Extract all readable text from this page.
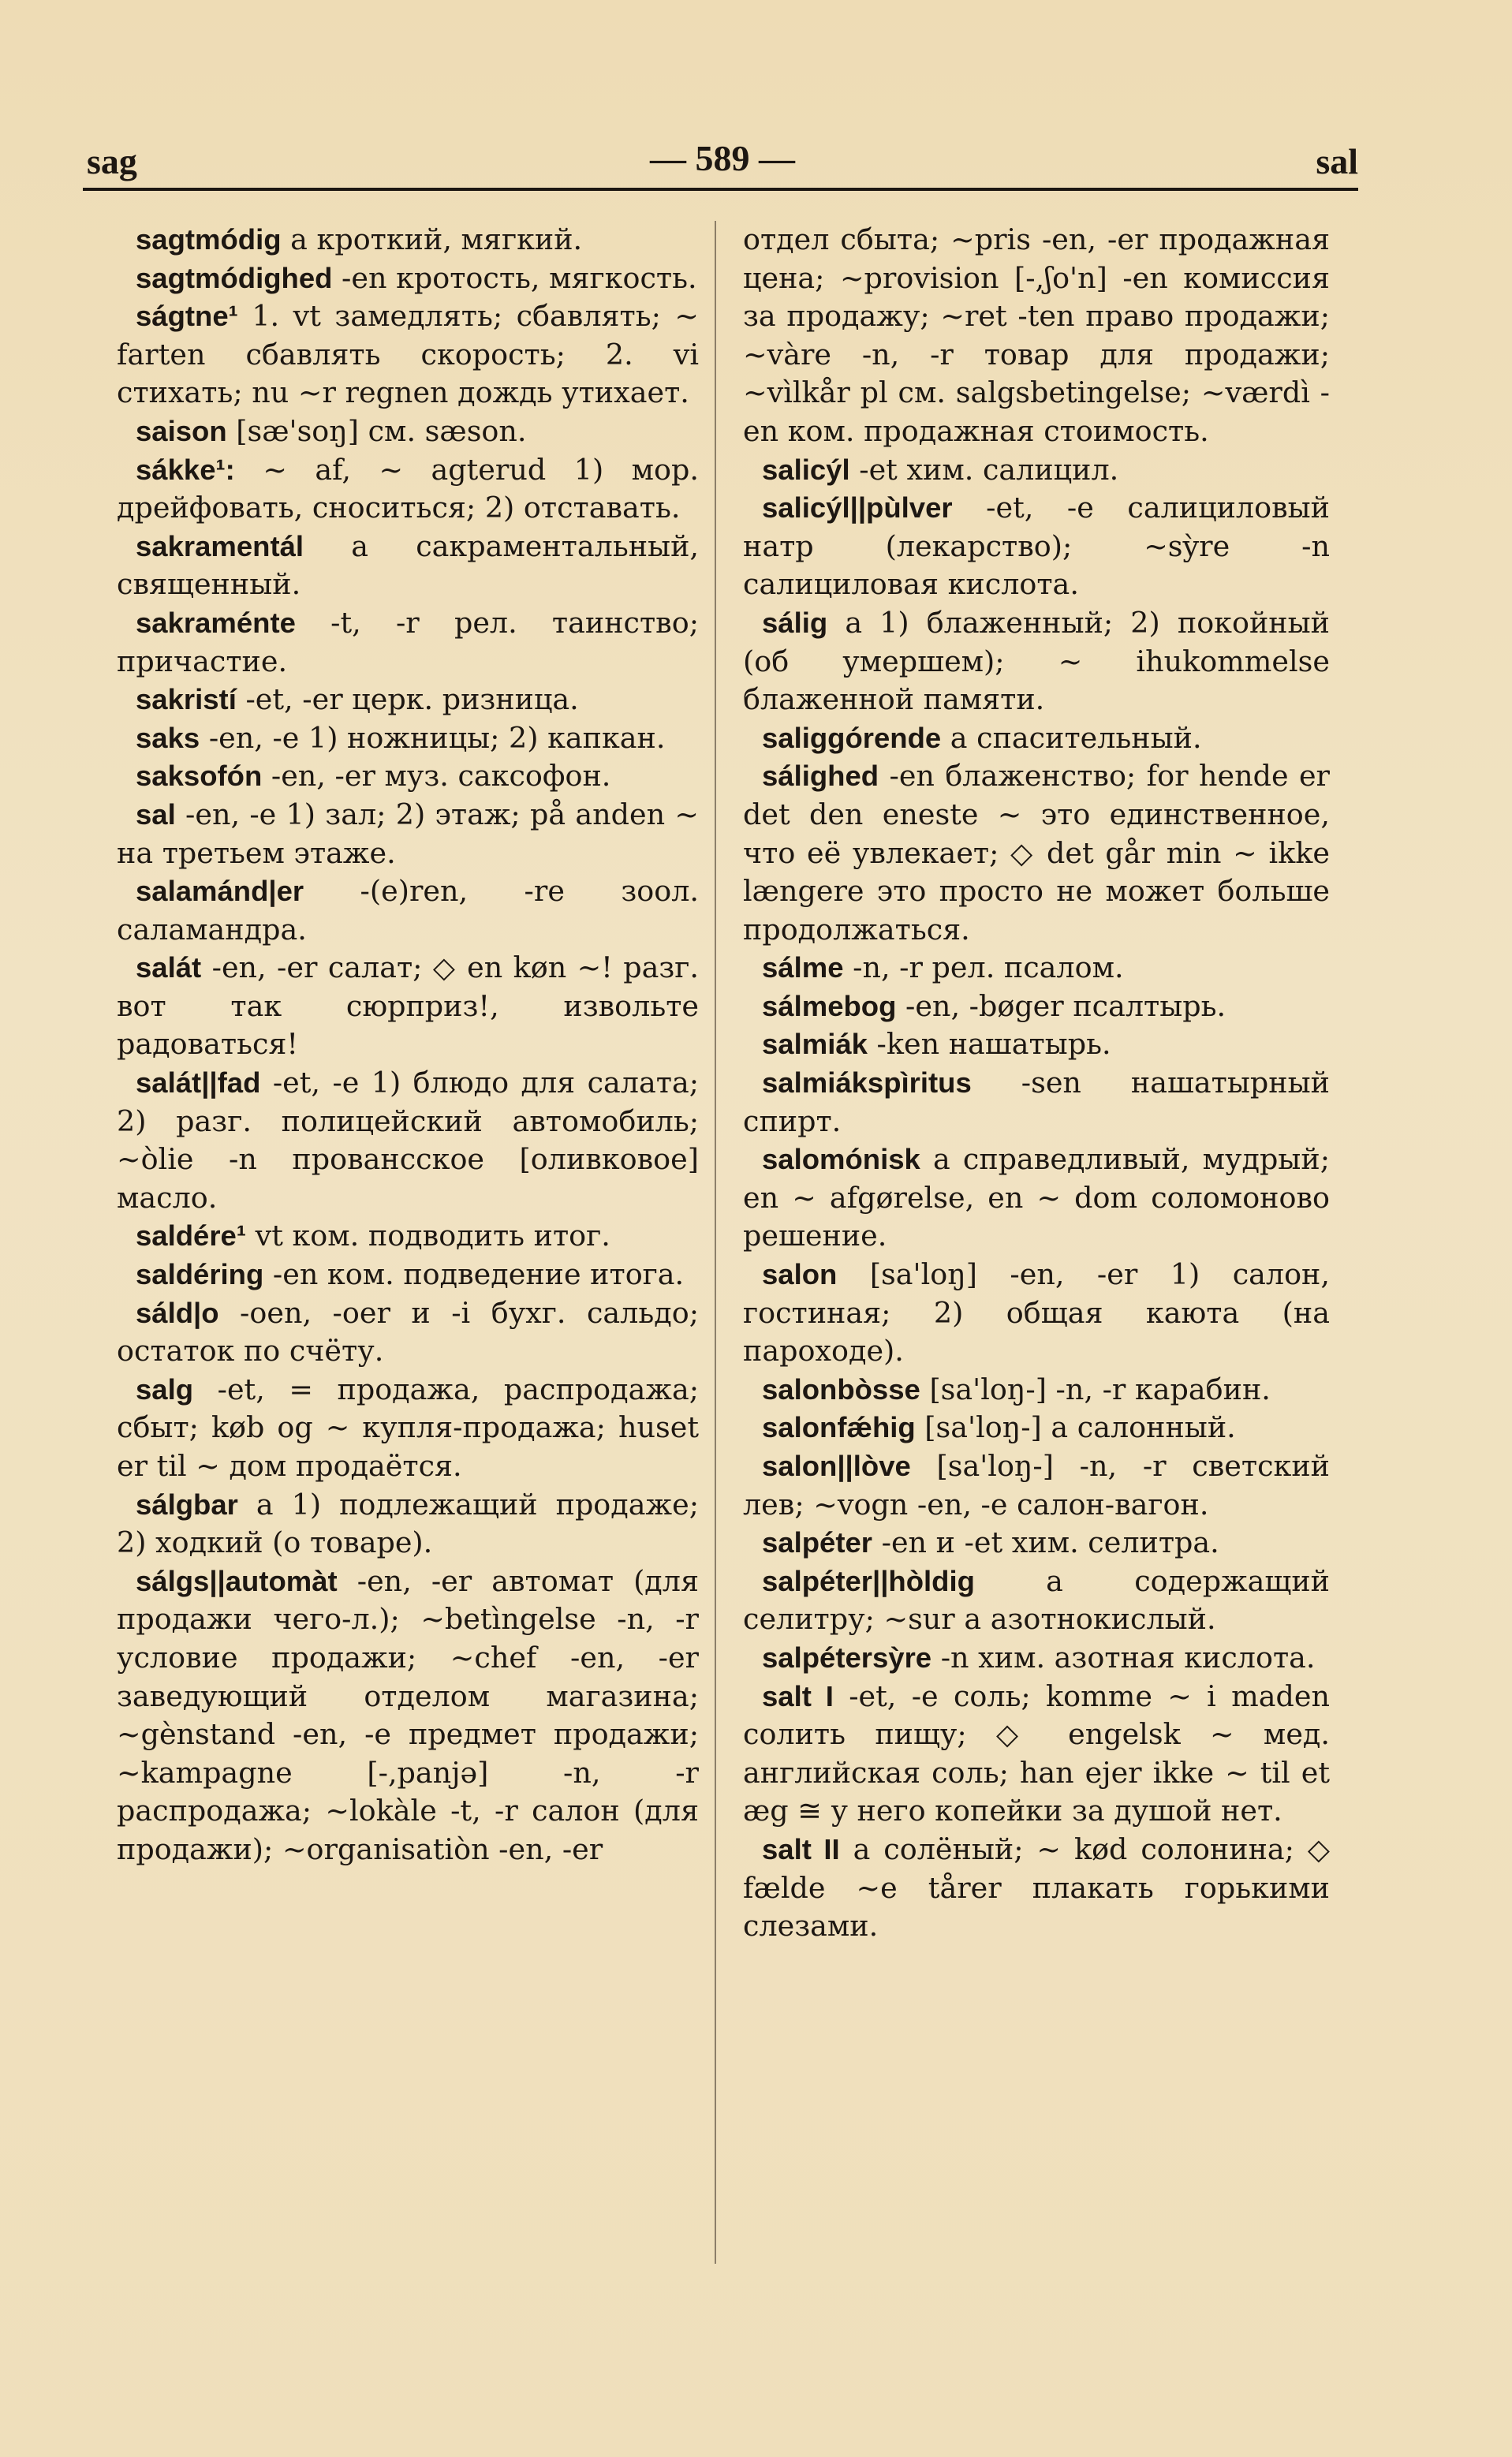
sag	— 589 —	sal

sagtmódig a кроткий, мягкий.

sagtmódighed -en кротость, мягкость.

ságtne¹ 1. vt замедлять; сбавлять; ~ farten сбавлять скорость; 2. vi стихать; nu ~r regnen дождь утихает.

saison [sæ'soŋ] см. sæson.

sákke¹: ~ af, ~ agterud 1) мор. дрейфовать, сноситься; 2) отставать.

sakramentál a сакраментальный, священный.

sakraménte -t, -r рел. таинство; причастие.

sakristí -et, -er церк. ризница.

saks -en, -e 1) ножницы; 2) капкан.

saksofón -en, -er муз. саксофон.

sal -en, -e 1) зал; 2) этаж; på anden ~ на третьем этаже.

salamánd|er -(e)ren, -re зоол. саламандра.

salát -en, -er салат; ◇ en køn ~! разг. вот так сюрприз!, извольте радоваться!

salát||fad -et, -e 1) блюдо для салата; 2) разг. полицейский автомобиль; ~òlie -n провансское [оливковое] масло.

saldére¹ vt ком. подводить итог.

saldéring -en ком. подведение итога.

sáld|o -oen, -oer и -i бухг. сальдо; остаток по счёту.

salg -et, = продажа, распродажа; сбыт; køb og ~ купля-продажа; huset er til ~ дом продаётся.

sálgbar a 1) подлежащий продаже; 2) ходкий (о товаре).

sálgs||automàt -en, -er автомат (для продажи чего-л.); ~betìngelse -n, -r условие продажи; ~chef -en, -er заведующий отделом магазина; ~gènstand -en, -e предмет продажи; ~kampagne [-,panjə] -n, -r распродажа; ~lokàle -t, -r салон (для продажи); ~organisatiòn -en, -er

отдел сбыта; ~pris -en, -er продажная цена; ~provision [-,ʃo'n] -en комиссия за продажу; ~ret -ten право продажи; ~vàre -n, -r товар для продажи; ~vìlkår pl см. salgsbetingelse; ~værdì -en ком. продажная стоимость.

salicýl -et хим. салицил.

salicýl||pùlver -et, -e салициловый натр (лекарство); ~sỳre -n салициловая кислота.

sálig a 1) блаженный; 2) покойный (об умершем); ~ ihukommelse блаженной памяти.

saliggórende a спасительный.

sálighed -en блаженство; for hende er det den eneste ~ это единственное, что её увлекает; ◇ det går min ~ ikke længere это просто не может больше продолжаться.

sálme -n, -r рел. псалом.

sálmebog -en, -bøger псалтырь.

salmiák -ken нашатырь.

salmiákspìritus -sen нашатырный спирт.

salomónisk a справедливый, мудрый; en ~ afgørelse, en ~ dom соломоново решение.

salon [sa'loŋ] -en, -er 1) салон, гостиная; 2) общая каюта (на пароходе).

salonbòsse [sa'loŋ-] -n, -r карабин.

salonfǽhig [sa'loŋ-] a салонный.

salon||lòve [sa'loŋ-] -n, -r светский лев; ~vogn -en, -e салон-вагон.

salpéter -en и -et хим. селитра.

salpéter||hòldig a содержащий селитру; ~sur a азотнокислый.

salpétersỳre -n хим. азотная кислота.

salt I -et, -e соль; komme ~ i maden солить пищу; ◇ engelsk ~ мед. английская соль; han ejer ikke ~ til et æg ≅ у него копейки за душой нет.

salt II a солёный; ~ kød солонина; ◇ fælde ~e tårer плакать горькими слезами.
